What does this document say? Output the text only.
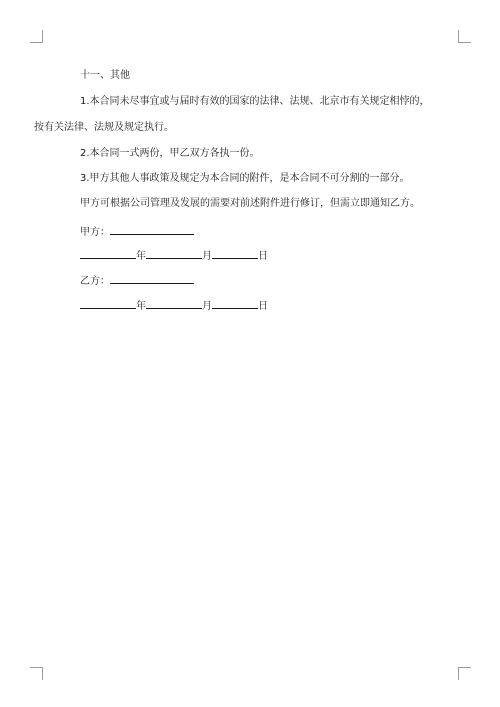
十一、其他
1.本合同未尽事宜或与届时有效的国家的法律、法规、北京市有关规定相悖的，
按有关法律、法规及规定执行。
2.本合同一式两份，甲乙双方各执一份。
3.甲方其他人事政策及规定为本合同的附件，是本合同不可分割的一部分。
甲方可根据公司管理及发展的需要对前述附件进行修订，但需立即通知乙方。
甲方：
年	月	日
乙方：
年	月	日
